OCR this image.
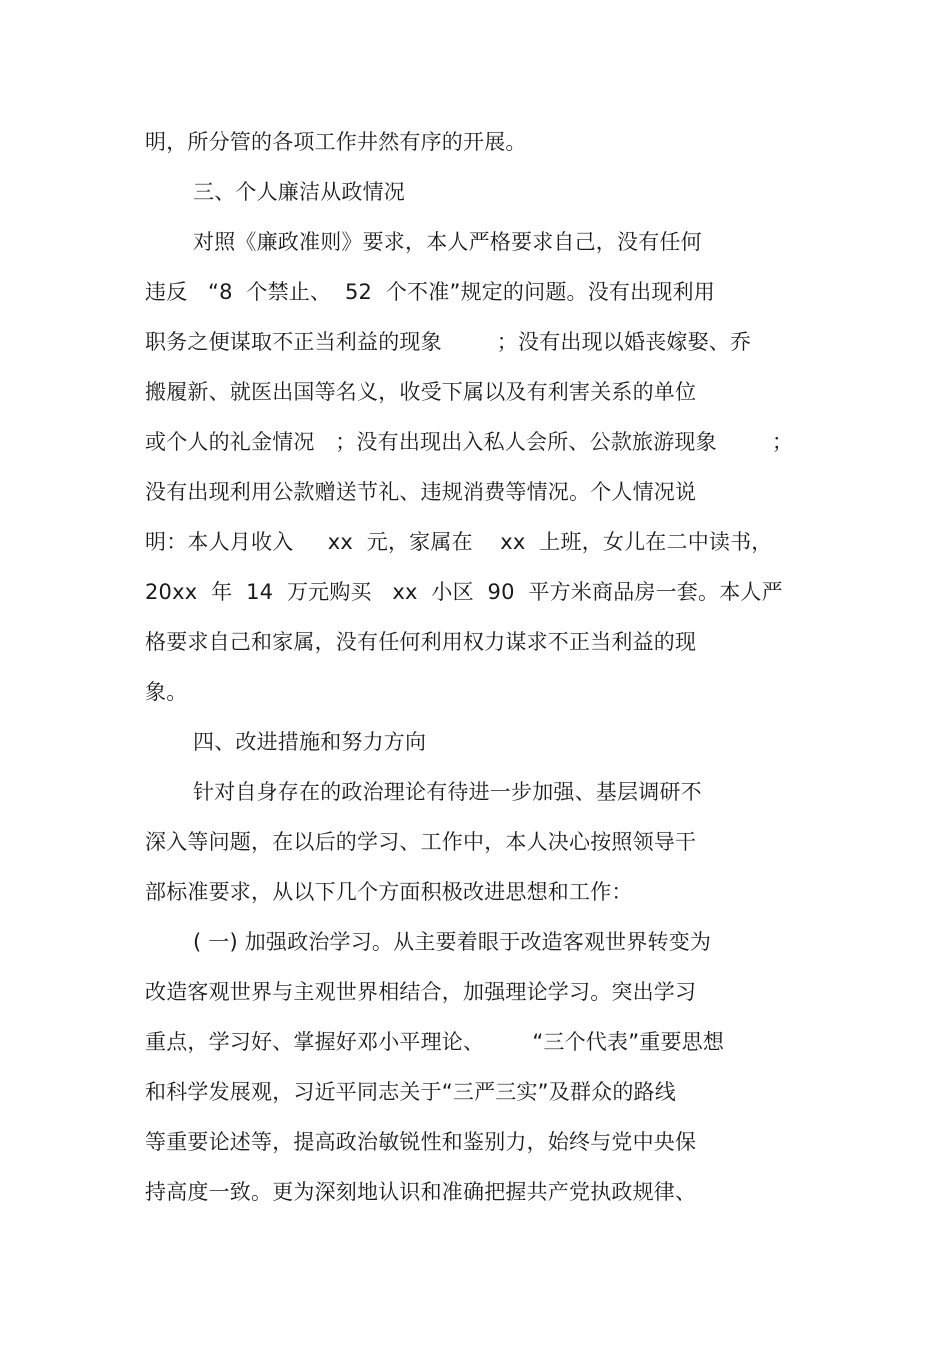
明，所分管的各项工作井然有序的开展。
三、个人廉洁从政情况
对照《廉政准则》要求，本人严格要求自己，没有任何
违反   “8  个禁止、  52  个不准”规定的问题。没有出现利用
职务之便谋取不正当利益的现象        ；没有出现以婚丧嫁娶、乔
搬履新、就医出国等名义，收受下属以及有利害关系的单位
或个人的礼金情况   ；没有出现出入私人会所、公款旅游现象        ；
没有出现利用公款赠送节礼、违规消费等情况。个人情况说
明：本人月收入     xx  元，家属在    xx  上班，女儿在二中读书，
20xx  年  14  万元购买   xx  小区  90  平方米商品房一套。本人严
格要求自己和家属，没有任何利用权力谋求不正当利益的现
象。
四、改进措施和努力方向
针对自身存在的政治理论有待进一步加强、基层调研不
深入等问题，在以后的学习、工作中，本人决心按照领导干
部标准要求，从以下几个方面积极改进思想和工作：
( 一) 加强政治学习。从主要着眼于改造客观世界转变为
改造客观世界与主观世界相结合，加强理论学习。突出学习
重点，学习好、掌握好邓小平理论、       “三个代表”重要思想
和科学发展观，习近平同志关于“三严三实”及群众的路线
等重要论述等，提高政治敏锐性和鉴别力，始终与党中央保
持高度一致。更为深刻地认识和准确把握共产党执政规律、
